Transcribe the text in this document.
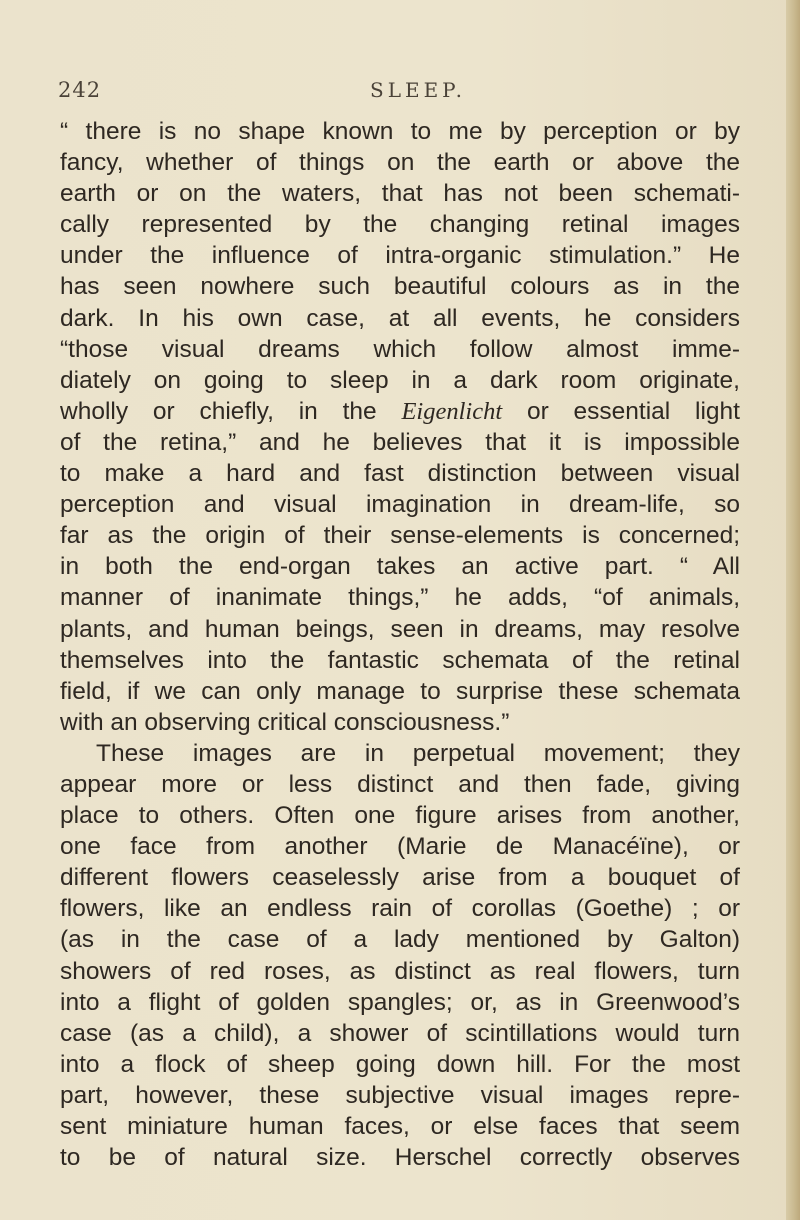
242	SLEEP.
“ there is no shape known to me by perception or by
fancy, whether of things on the earth or above the
earth or on the waters, that has not been schemati-
cally represented by the changing retinal images
under the influence of intra-organic stimulation.” He
has seen nowhere such beautiful colours as in the
dark. In his own case, at all events, he considers
“those visual dreams which follow almost imme-
diately on going to sleep in a dark room originate,
wholly or chiefly, in the Eigenlicht or essential light
of the retina,” and he believes that it is impossible
to make a hard and fast distinction between visual
perception and visual imagination in dream-life, so
far as the origin of their sense-elements is concerned;
in both the end-organ takes an active part. “ All
manner of inanimate things,” he adds, “of animals,
plants, and human beings, seen in dreams, may resolve
themselves into the fantastic schemata of the retinal
field, if we can only manage to surprise these schemata
with an observing critical consciousness.”
These images are in perpetual movement; they
appear more or less distinct and then fade, giving
place to others. Often one figure arises from another,
one face from another (Marie de Manacéïne), or
different flowers ceaselessly arise from a bouquet of
flowers, like an endless rain of corollas (Goethe) ; or
(as in the case of a lady mentioned by Galton)
showers of red roses, as distinct as real flowers, turn
into a flight of golden spangles; or, as in Greenwood’s
case (as a child), a shower of scintillations would turn
into a flock of sheep going down hill. For the most
part, however, these subjective visual images repre-
sent miniature human faces, or else faces that seem
to be of natural size. Herschel correctly observes
